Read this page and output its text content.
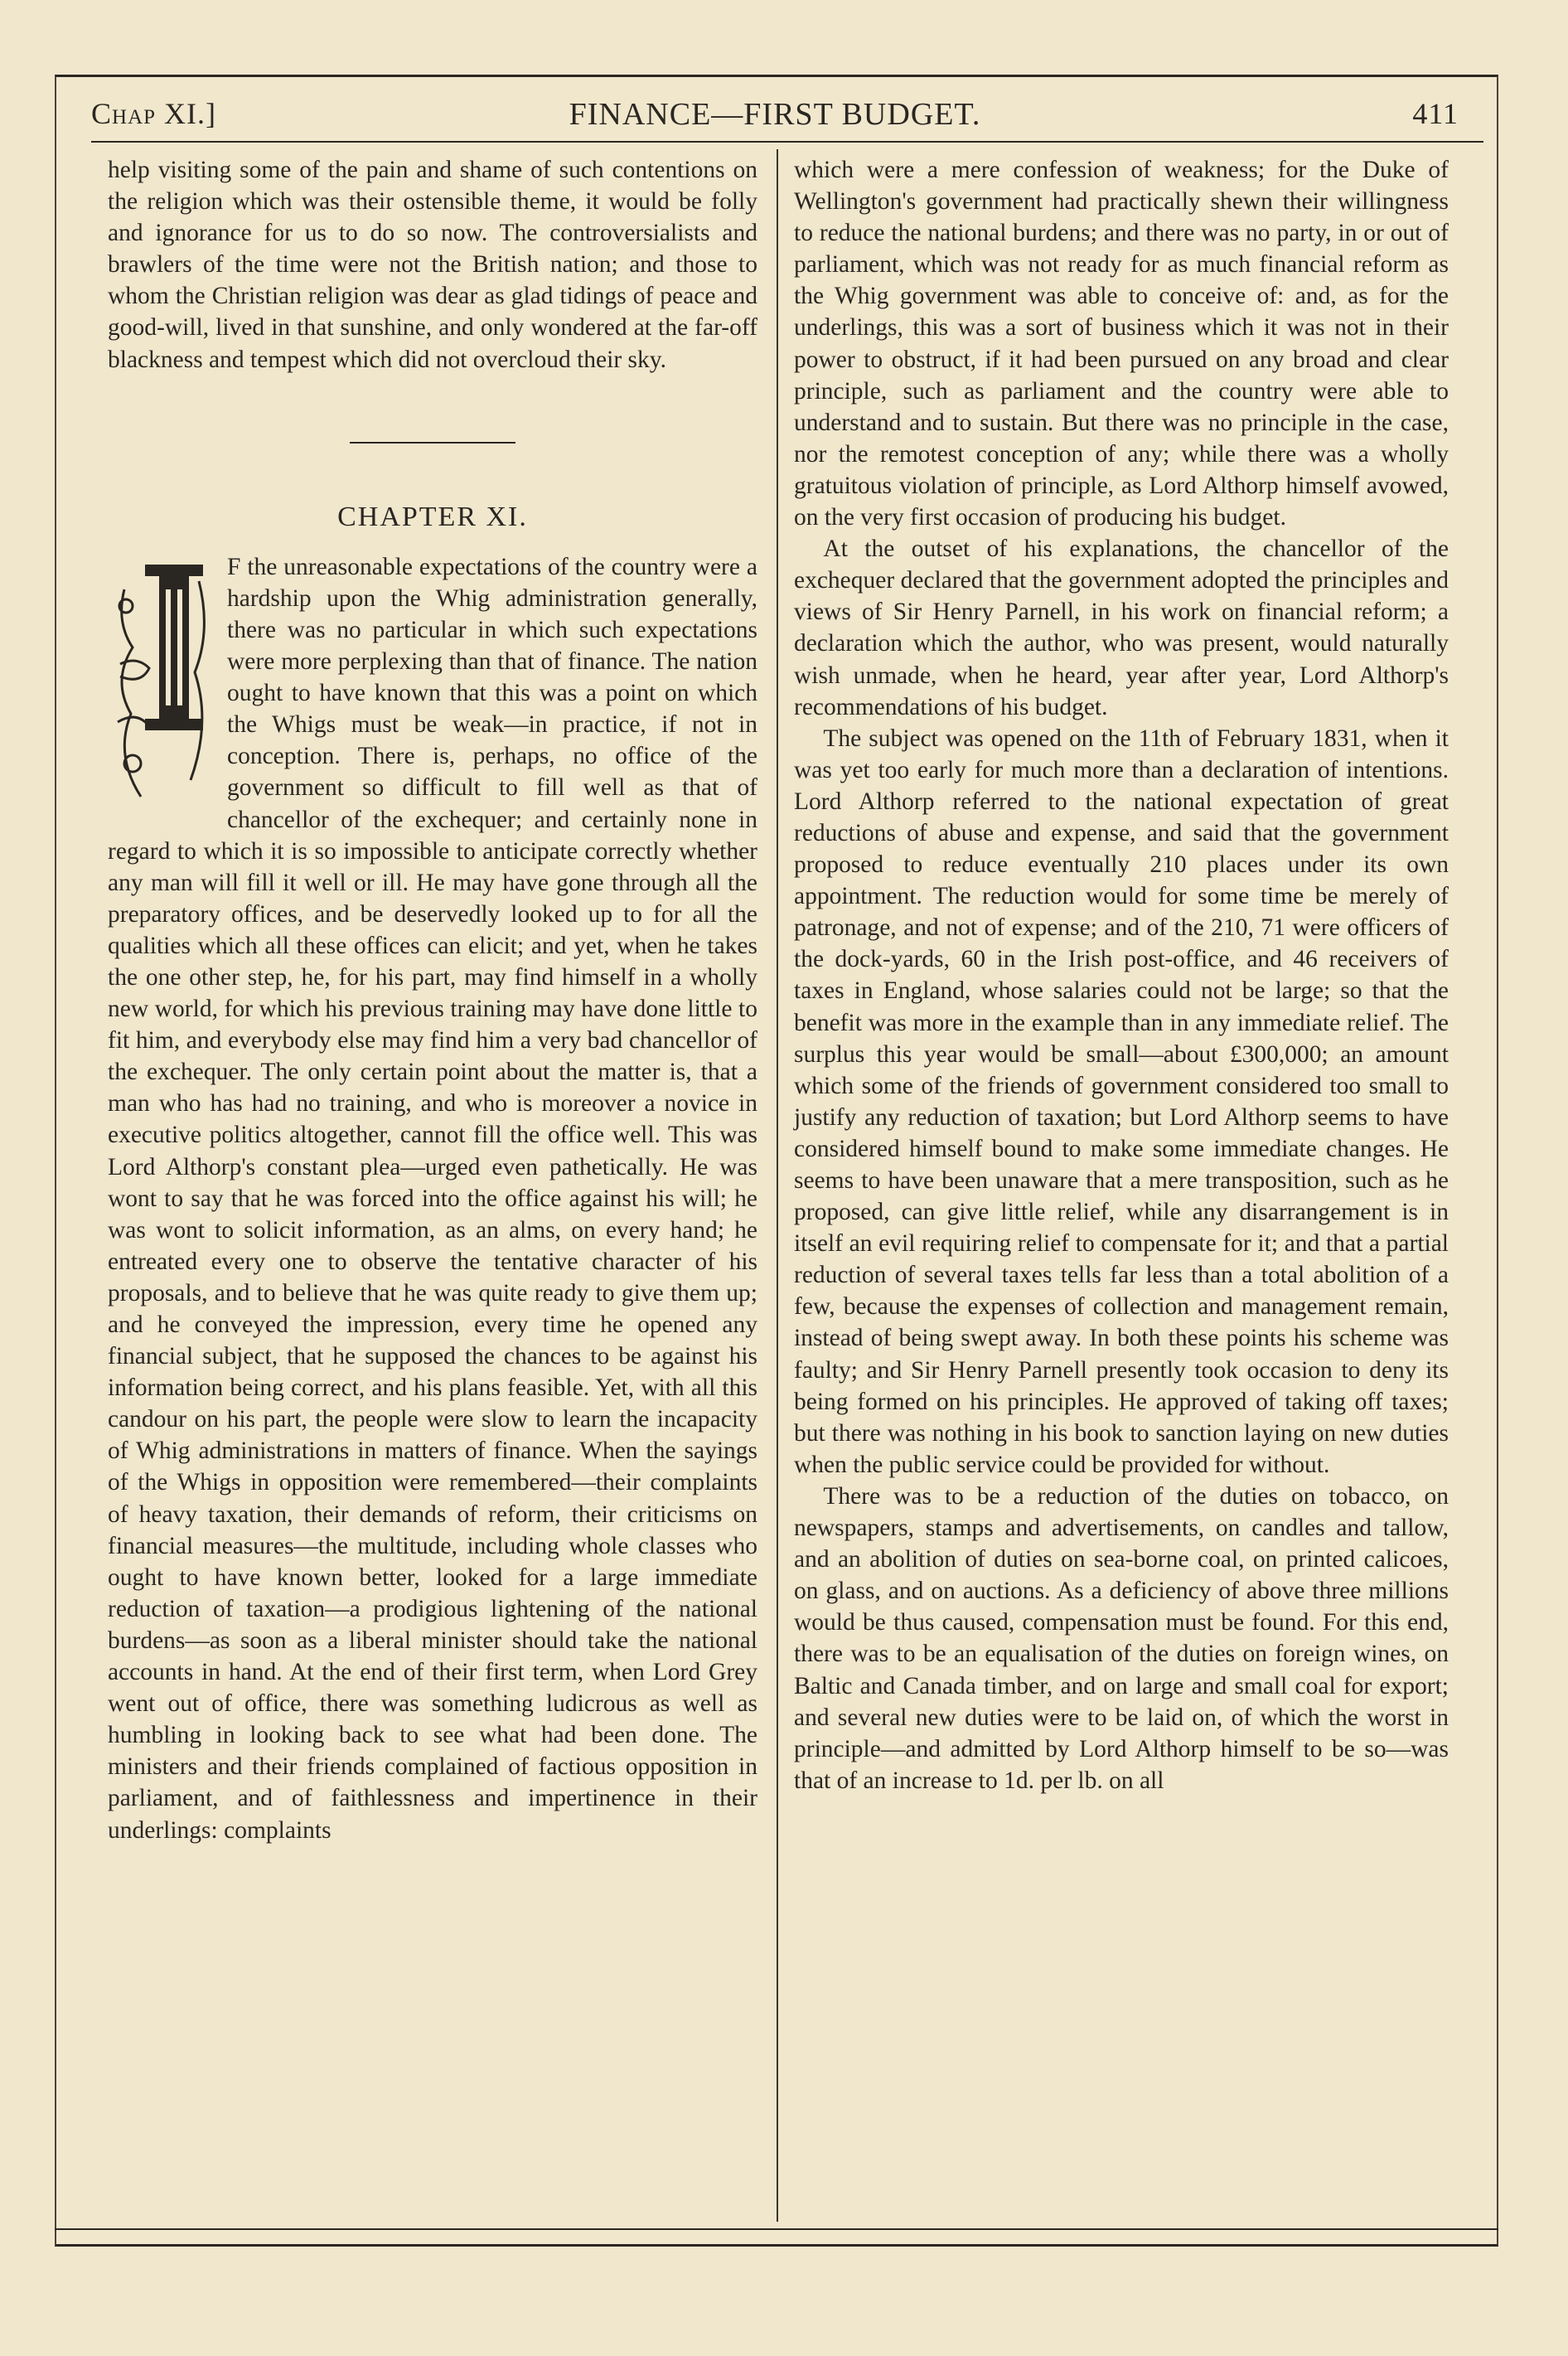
Chap XI.]	FINANCE—FIRST BUDGET.	411

help visiting some of the pain and shame of such contentions on the religion which was their ostensible theme, it would be folly and ignorance for us to do so now. The controversialists and brawlers of the time were not the British nation; and those to whom the Christian religion was dear as glad tidings of peace and good-will, lived in that sunshine, and only wondered at the far-off blackness and tempest which did not overcloud their sky.

CHAPTER XI.

F the unreasonable expectations of the country were a hardship upon the Whig administration generally, there was no particular in which such expectations were more perplexing than that of finance. The nation ought to have known that this was a point on which the Whigs must be weak—in practice, if not in conception. There is, perhaps, no office of the government so difficult to fill well as that of chancellor of the exchequer; and certainly none in regard to which it is so impossible to anticipate correctly whether any man will fill it well or ill. He may have gone through all the preparatory offices, and be deservedly looked up to for all the qualities which all these offices can elicit; and yet, when he takes the one other step, he, for his part, may find himself in a wholly new world, for which his previous training may have done little to fit him, and everybody else may find him a very bad chancellor of the exchequer. The only certain point about the matter is, that a man who has had no training, and who is moreover a novice in executive politics altogether, cannot fill the office well. This was Lord Althorp's constant plea—urged even pathetically. He was wont to say that he was forced into the office against his will; he was wont to solicit information, as an alms, on every hand; he entreated every one to observe the tentative character of his proposals, and to believe that he was quite ready to give them up; and he conveyed the impression, every time he opened any financial subject, that he supposed the chances to be against his information being correct, and his plans feasible. Yet, with all this candour on his part, the people were slow to learn the incapacity of Whig administrations in matters of finance. When the sayings of the Whigs in opposition were remembered—their complaints of heavy taxation, their demands of reform, their criticisms on financial measures—the multitude, including whole classes who ought to have known better, looked for a large immediate reduction of taxation—a prodigious lightening of the national burdens—as soon as a liberal minister should take the national accounts in hand. At the end of their first term, when Lord Grey went out of office, there was something ludicrous as well as humbling in looking back to see what had been done. The ministers and their friends complained of factious opposition in parliament, and of faithlessness and impertinence in their underlings: complaints

which were a mere confession of weakness; for the Duke of Wellington's government had practically shewn their willingness to reduce the national burdens; and there was no party, in or out of parliament, which was not ready for as much financial reform as the Whig government was able to conceive of: and, as for the underlings, this was a sort of business which it was not in their power to obstruct, if it had been pursued on any broad and clear principle, such as parliament and the country were able to understand and to sustain. But there was no principle in the case, nor the remotest conception of any; while there was a wholly gratuitous violation of principle, as Lord Althorp himself avowed, on the very first occasion of producing his budget.

At the outset of his explanations, the chancellor of the exchequer declared that the government adopted the principles and views of Sir Henry Parnell, in his work on financial reform; a declaration which the author, who was present, would naturally wish unmade, when he heard, year after year, Lord Althorp's recommendations of his budget.

The subject was opened on the 11th of February 1831, when it was yet too early for much more than a declaration of intentions. Lord Althorp referred to the national expectation of great reductions of abuse and expense, and said that the government proposed to reduce eventually 210 places under its own appointment. The reduction would for some time be merely of patronage, and not of expense; and of the 210, 71 were officers of the dock-yards, 60 in the Irish post-office, and 46 receivers of taxes in England, whose salaries could not be large; so that the benefit was more in the example than in any immediate relief. The surplus this year would be small—about £300,000; an amount which some of the friends of government considered too small to justify any reduction of taxation; but Lord Althorp seems to have considered himself bound to make some immediate changes. He seems to have been unaware that a mere transposition, such as he proposed, can give little relief, while any disarrangement is in itself an evil requiring relief to compensate for it; and that a partial reduction of several taxes tells far less than a total abolition of a few, because the expenses of collection and management remain, instead of being swept away. In both these points his scheme was faulty; and Sir Henry Parnell presently took occasion to deny its being formed on his principles. He approved of taking off taxes; but there was nothing in his book to sanction laying on new duties when the public service could be provided for without.

There was to be a reduction of the duties on tobacco, on newspapers, stamps and advertisements, on candles and tallow, and an abolition of duties on sea-borne coal, on printed calicoes, on glass, and on auctions. As a deficiency of above three millions would be thus caused, compensation must be found. For this end, there was to be an equalisation of the duties on foreign wines, on Baltic and Canada timber, and on large and small coal for export; and several new duties were to be laid on, of which the worst in principle—and admitted by Lord Althorp himself to be so—was that of an increase to 1d. per lb. on all
